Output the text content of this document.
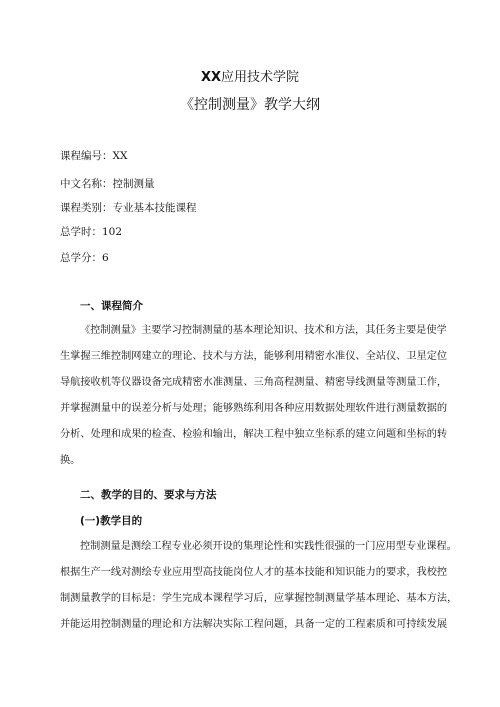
XX应用技术学院
《控制测量》教学大纲
课程编号：XX
中文名称：控制测量
课程类别：专业基本技能课程
总学时：102
总学分：6
一、课程简介
《控制测量》主要学习控制测量的基本理论知识、技术和方法，其任务主要是使学
生掌握三维控制网建立的理论、技术与方法，能够利用精密水准仪、全站仪、卫星定位
导航接收机等仪器设备完成精密水准测量、三角高程测量、精密导线测量等测量工作，
并掌握测量中的误差分析与处理；能够熟练利用各种应用数据处理软件进行测量数据的
分析、处理和成果的检查、检验和输出，解决工程中独立坐标系的建立问题和坐标的转
换。
二、教学的目的、要求与方法
(一)教学目的
控制测量是测绘工程专业必须开设的集理论性和实践性很强的一门应用型专业课程。
根据生产一线对测绘专业应用型高技能岗位人才的基本技能和知识能力的要求，我校控
制测量教学的目标是：学生完成本课程学习后，应掌握控制测量学基本理论、基本方法，
并能运用控制测量的理论和方法解决实际工程问题，具备一定的工程素质和可持续发展
